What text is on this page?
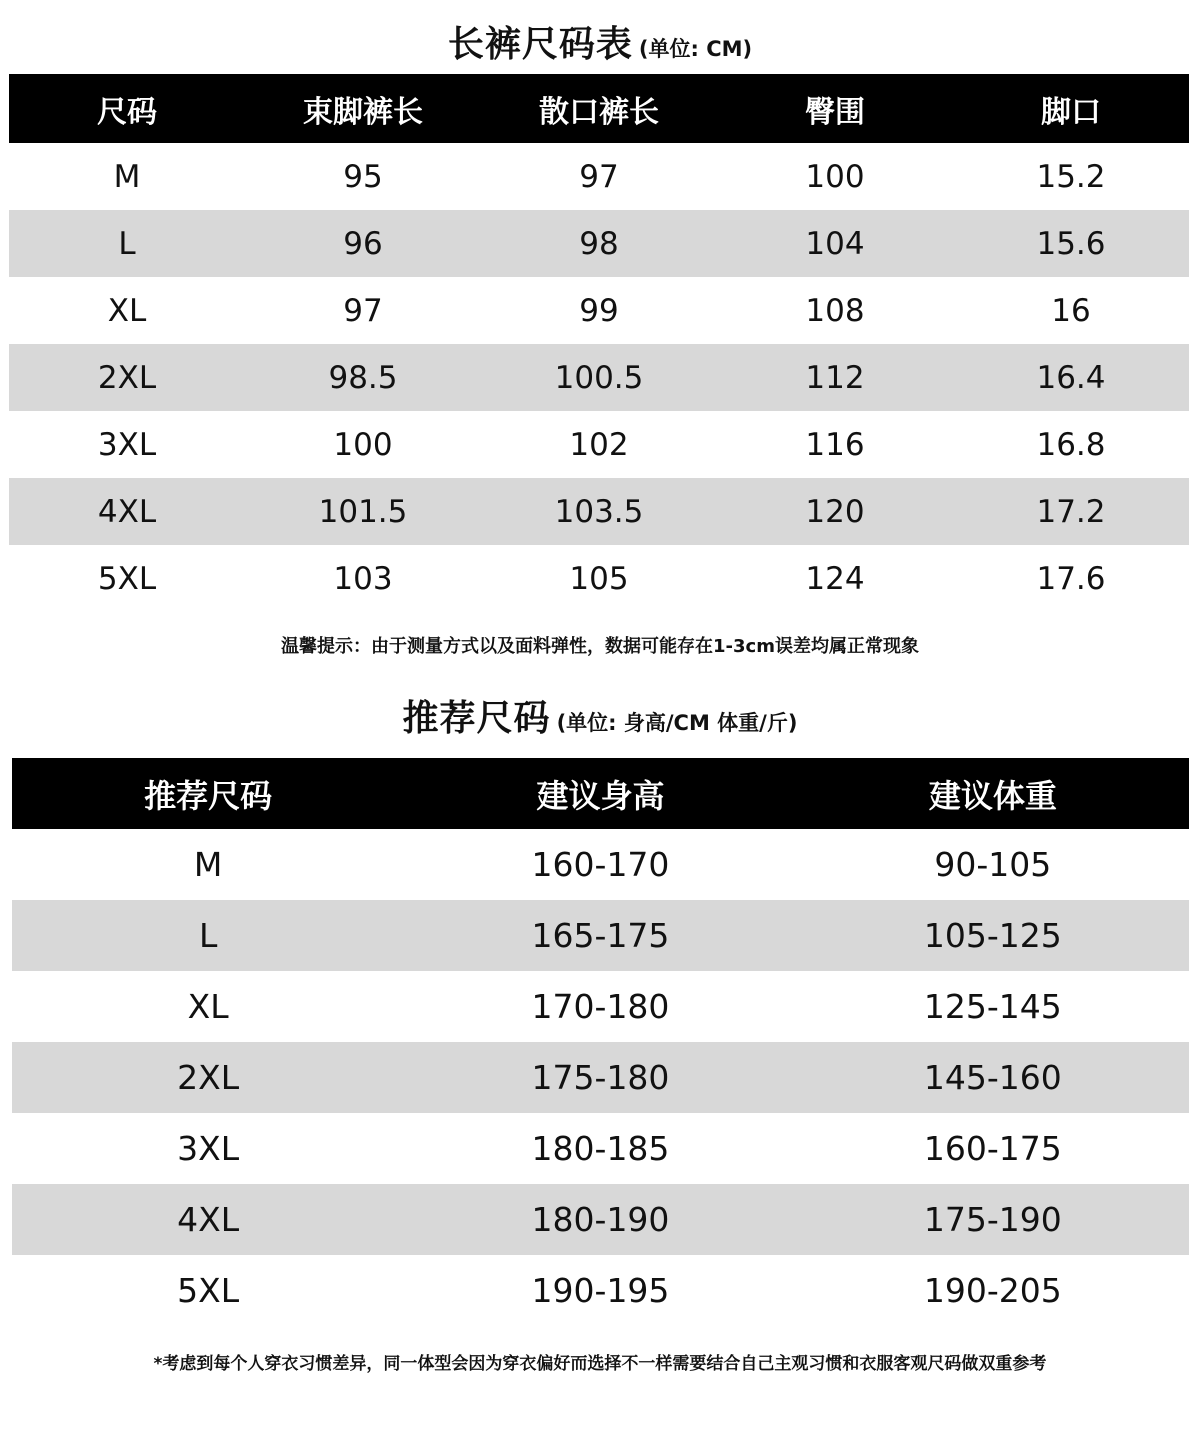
长裤尺码表 (单位: CM)
尺码	束脚裤长	散口裤长	臀围	脚口
M	95	97	100	15.2
L	96	98	104	15.6
XL	97	99	108	16
2XL	98.5	100.5	112	16.4
3XL	100	102	116	16.8
4XL	101.5	103.5	120	17.2
5XL	103	105	124	17.6
温馨提示：由于测量方式以及面料弹性，数据可能存在1-3cm误差均属正常现象
推荐尺码 (单位: 身高/CM 体重/斤)
推荐尺码	建议身高	建议体重
M	160-170	90-105
L	165-175	105-125
XL	170-180	125-145
2XL	175-180	145-160
3XL	180-185	160-175
4XL	180-190	175-190
5XL	190-195	190-205
*考虑到每个人穿衣习惯差异，同一体型会因为穿衣偏好而选择不一样需要结合自己主观习惯和衣服客观尺码做双重参考
